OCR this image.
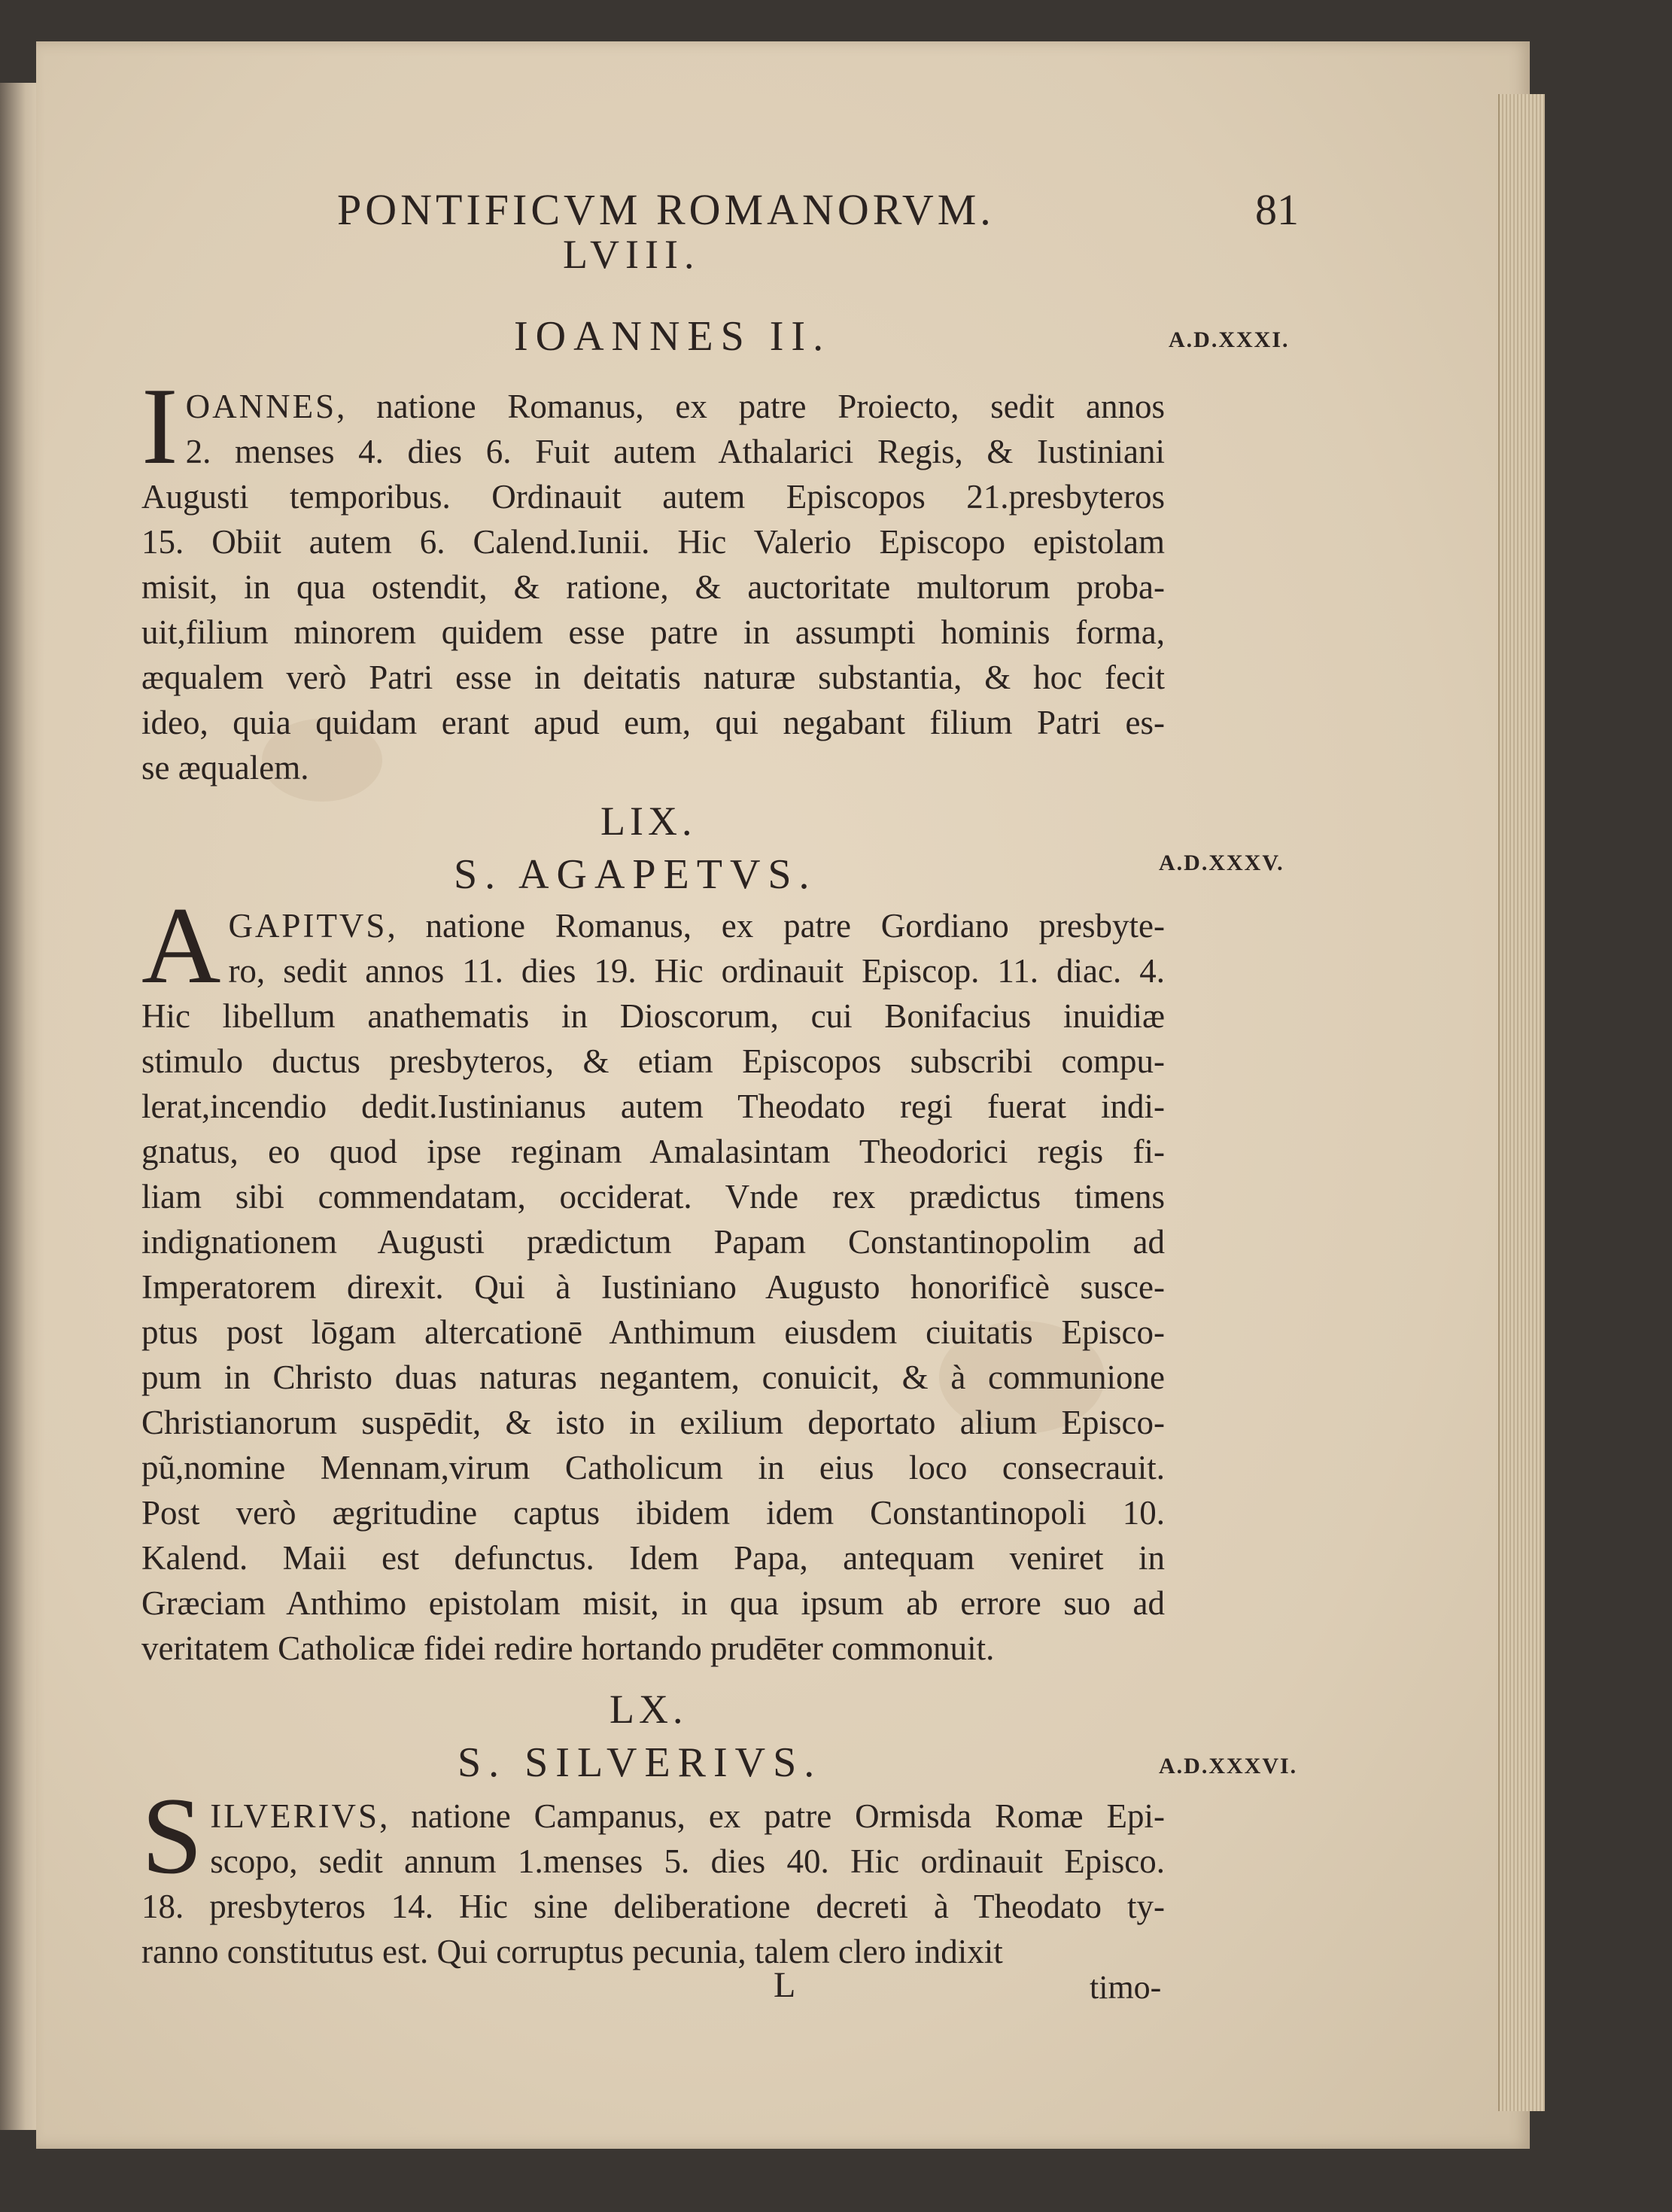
PONTIFICVM ROMANORVM.	81
LVIII.
IOANNES II.	A.D.XXXI.
I OANNES, natione Romanus, ex patre Proiecto, sedit annos
2. menses 4. dies 6. Fuit autem Athalarici Regis, & Iustiniani
Augusti temporibus. Ordinauit autem Episcopos 21.presbyteros
15. Obiit autem 6. Calend.Iunii. Hic Valerio Episcopo epistolam
misit, in qua ostendit, & ratione, & auctoritate multorum proba-
uit,filium minorem quidem esse patre in assumpti hominis forma,
æqualem verò Patri esse in deitatis naturæ substantia, & hoc fecit
ideo, quia quidam erant apud eum, qui negabant filium Patri es-
se æqualem.
LIX.
S. AGAPETVS.	A.D.XXXV.
A GAPITVS, natione Romanus, ex patre Gordiano presbyte-
ro, sedit annos 11. dies 19. Hic ordinauit Episcop. 11. diac. 4.
Hic libellum anathematis in Dioscorum, cui Bonifacius inuidiæ
stimulo ductus presbyteros, & etiam Episcopos subscribi compu-
lerat,incendio dedit.Iustinianus autem Theodato regi fuerat indi-
gnatus, eo quod ipse reginam Amalasintam Theodorici regis fi-
liam sibi commendatam, occiderat. Vnde rex prædictus timens
indignationem Augusti prædictum Papam Constantinopolim ad
Imperatorem direxit. Qui à Iustiniano Augusto honorificè susce-
ptus post lōgam altercationē Anthimum eiusdem ciuitatis Episco-
pum in Christo duas naturas negantem, conuicit, & à communione
Christianorum suspēdit, & isto in exilium deportato alium Episco-
pũ,nomine Mennam,virum Catholicum in eius loco consecrauit.
Post verò ægritudine captus ibidem idem Constantinopoli 10.
Kalend. Maii est defunctus. Idem Papa, antequam veniret in
Græciam Anthimo epistolam misit, in qua ipsum ab errore suo ad
veritatem Catholicæ fidei redire hortando prudēter commonuit.
LX.
S. SILVERIVS.	A.D.XXXVI.
S ILVERIVS, natione Campanus, ex patre Ormisda Romæ Epi-
scopo, sedit annum 1.menses 5. dies 40. Hic ordinauit Episco.
18. presbyteros 14. Hic sine deliberatione decreti à Theodato ty-
ranno constitutus est. Qui corruptus pecunia, talem clero indixit
L	timo-
